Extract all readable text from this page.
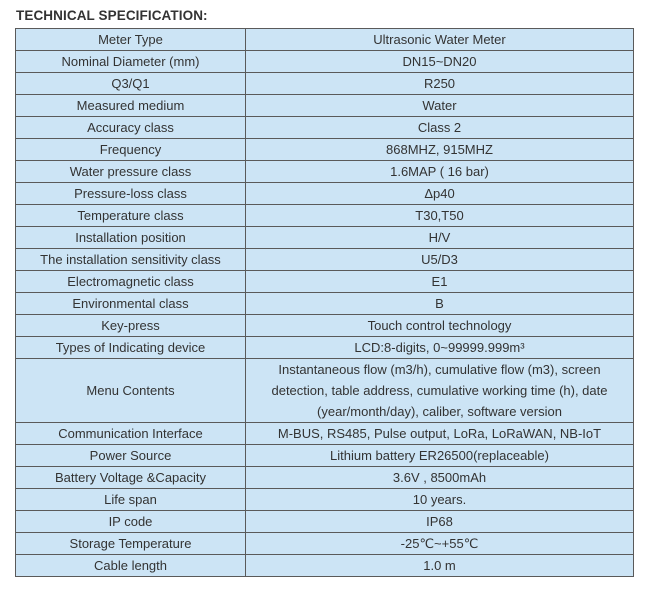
TECHNICAL SPECIFICATION:
Meter Type	Ultrasonic Water Meter
Nominal Diameter (mm)	DN15~DN20
Q3/Q1	R250
Measured medium	Water
Accuracy class	Class 2
Frequency	868MHZ, 915MHZ
Water pressure class	1.6MAP ( 16 bar)
Pressure-loss class	Δp40
Temperature class	T30,T50
Installation position	H/V
The installation sensitivity class	U5/D3
Electromagnetic class	E1
Environmental class	B
Key-press	Touch control technology
Types of Indicating device	LCD:8-digits, 0~99999.999m³
Menu Contents	Instantaneous flow (m3/h), cumulative flow (m3), screen detection, table address, cumulative working time (h), date (year/month/day), caliber, software version
Communication Interface	M-BUS, RS485, Pulse output, LoRa, LoRaWAN, NB-IoT
Power Source	Lithium battery ER26500(replaceable)
Battery Voltage &Capacity	3.6V , 8500mAh
Life span	10 years.
IP code	IP68
Storage Temperature	-25℃~+55℃
Cable length	1.0 m
